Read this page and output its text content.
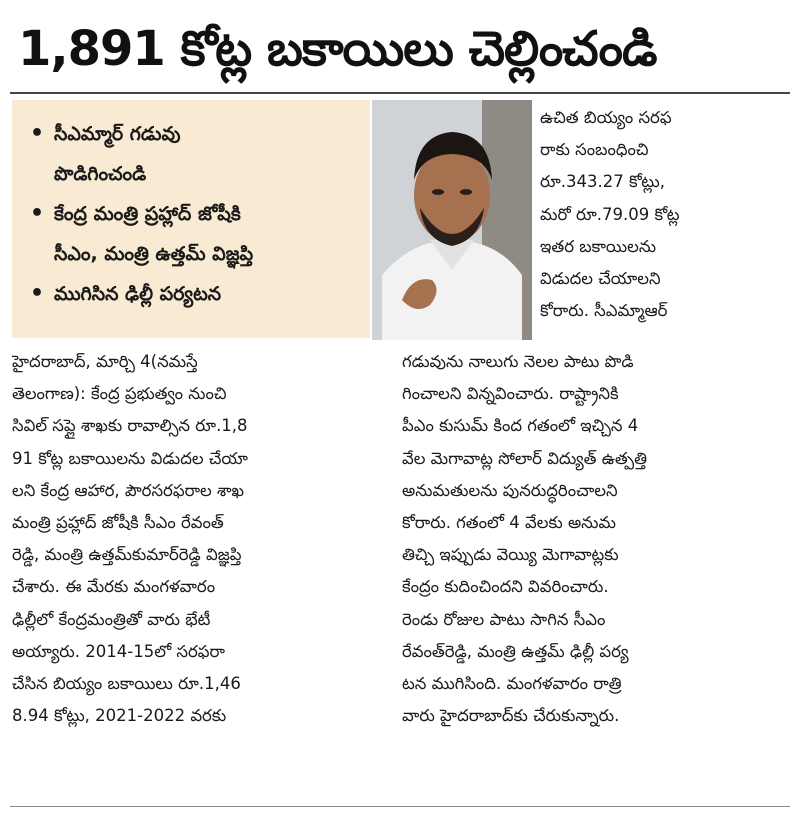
1,891 కోట్ల బకాయిలు చెల్లించండి
• సీఎమ్మార్ గడువు
పొడిగించండి
• కేంద్ర మంత్రి ప్రహ్లాద్ జోషీకి
సీఎం, మంత్రి ఉత్తమ్ విజ్ఞప్తి
• ముగిసిన ఢిల్లీ పర్యటన
ఉచిత బియ్యం సరఫ
రాకు సంబంధించి
రూ.343.27 కోట్లు,
మరో రూ.79.09 కోట్ల
ఇతర బకాయిలను
విడుదల చేయాలని
కోరారు. సీఎమ్మాఆర్
హైదరాబాద్, మార్చి 4(నమస్తే
తెలంగాణ): కేంద్ర ప్రభుత్వం నుంచి
సివిల్ సప్లై శాఖకు రావాల్సిన రూ.1,8
91 కోట్ల బకాయిలను విడుదల చేయా
లని కేంద్ర ఆహార, పౌరసరఫరాల శాఖ
మంత్రి ప్రహ్లాద్ జోషీకి సీఎం రేవంత్
రెడ్డి, మంత్రి ఉత్తమ్‌కుమార్‌రెడ్డి విజ్ఞప్తి
చేశారు. ఈ మేరకు మంగళవారం
ఢిల్లీలో కేంద్రమంత్రితో వారు భేటీ
అయ్యారు. 2014-15లో సరఫరా
చేసిన బియ్యం బకాయిలు రూ.1,46
8.94 కోట్లు, 2021-2022 వరకు
గడువును నాలుగు నెలల పాటు పొడి
గించాలని విన్నవించారు. రాష్ట్రానికి
పీఎం కుసుమ్ కింద గతంలో ఇచ్చిన 4
వేల మెగావాట్ల సోలార్ విద్యుత్ ఉత్పత్తి
అనుమతులను పునరుద్ధరించాలని
కోరారు. గతంలో 4 వేలకు అనుమ
తిచ్చి ఇప్పుడు వెయ్యి మెగావాట్లకు
కేంద్రం కుదించిందని వివరించారు.
రెండు రోజుల పాటు సాగిన సీఎం
రేవంత్‌రెడ్డి, మంత్రి ఉత్తమ్ ఢిల్లీ పర్య
టన ముగిసింది. మంగళవారం రాత్రి
వారు హైదరాబాద్‌కు చేరుకున్నారు.
